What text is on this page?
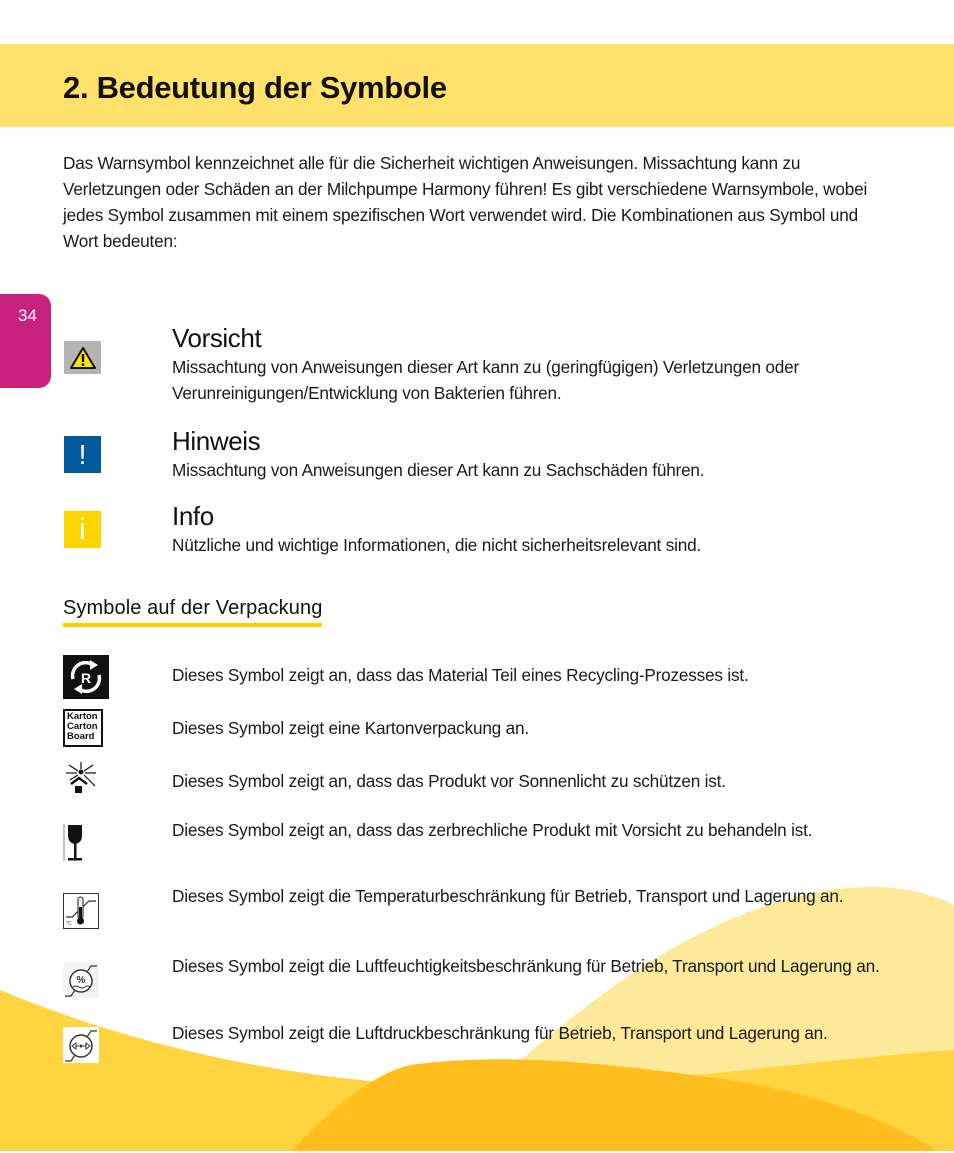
2. Bedeutung der Symbole

Das Warnsymbol kennzeichnet alle für die Sicherheit wichtigen Anweisungen. Missachtung kann zu Verletzungen oder Schäden an der Milchpumpe Harmony führen! Es gibt verschiedene Warnsymbole, wobei jedes Symbol zusammen mit einem spezifischen Wort verwendet wird. Die Kombinationen aus Symbol und Wort bedeuten:

34
Vorsicht

Missachtung von Anweisungen dieser Art kann zu (geringfügigen) Verletzungen oder Verunreinigungen/Entwicklung von Bakterien führen.

!	Hinweis

Missachtung von Anweisungen dieser Art kann zu Sachschäden führen.

i	Info

Nützliche und wichtige Informationen, die nicht sicherheitsrelevant sind.

Symbole auf der Verpackung
R	Dieses Symbol zeigt an, dass das Material Teil eines Recycling-Prozesses ist.

Karton
Carton
Board	Dieses Symbol zeigt eine Kartonverpackung an.

Dieses Symbol zeigt an, dass das Produkt vor Sonnenlicht zu schützen ist.

Dieses Symbol zeigt an, dass das zerbrechliche Produkt mit Vorsicht zu behandeln ist.

°C

Dieses Symbol zeigt die Temperaturbeschränkung für Betrieb, Transport und Lagerung an.

%

Dieses Symbol zeigt die Luftfeuchtigkeitsbeschränkung für Betrieb, Transport und Lagerung an.

Dieses Symbol zeigt die Luftdruckbeschränkung für Betrieb, Transport und Lagerung an.
